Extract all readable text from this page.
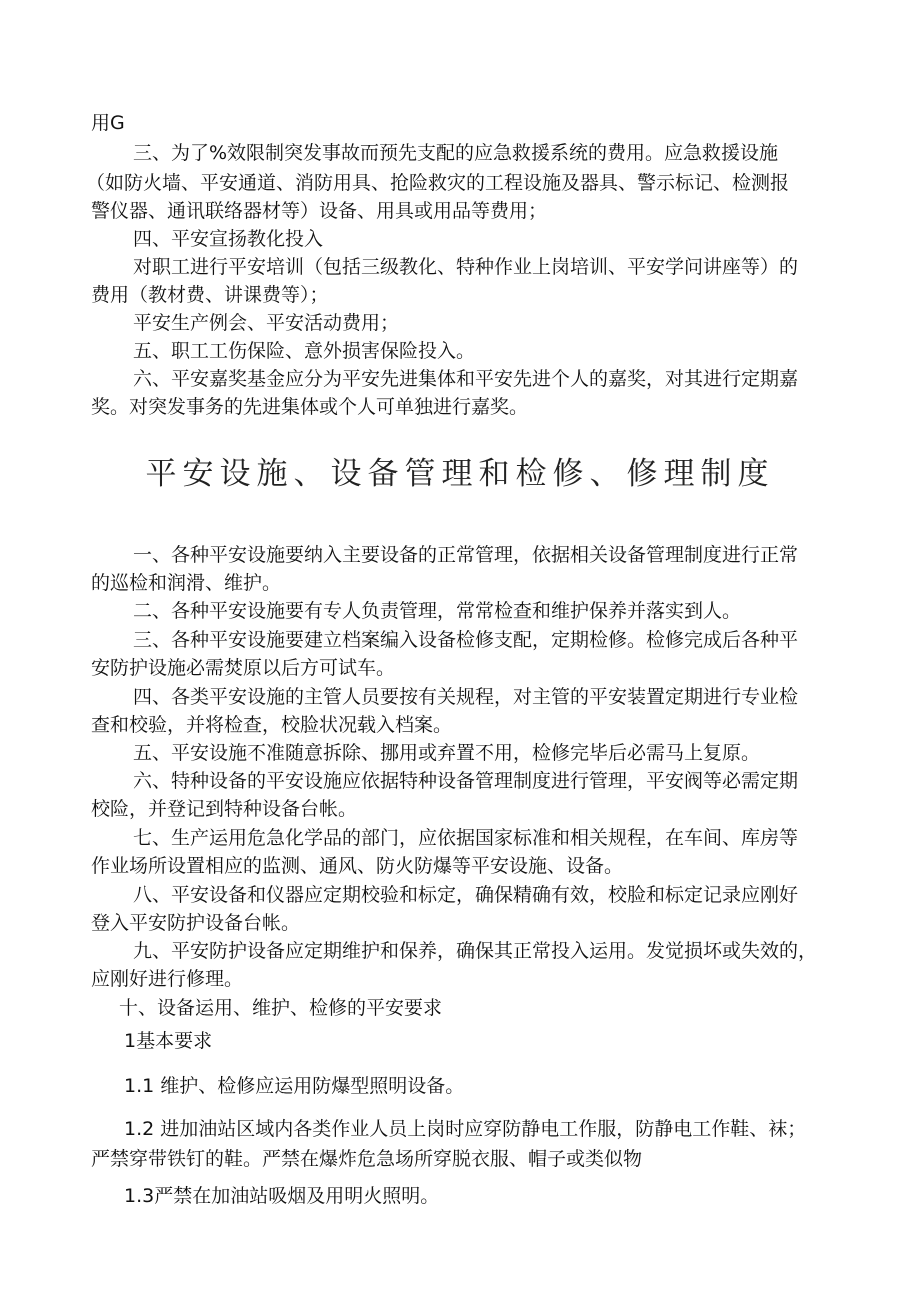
用G

三、为了%效限制突发事故而预先支配的应急救援系统的费用。应急救援设施

（如防火墙、平安通道、消防用具、抢险救灾的工程设施及器具、警示标记、检测报

警仪器、通讯联络器材等）设备、用具或用品等费用；

四、平安宣扬教化投入

对职工进行平安培训（包括三级教化、特种作业上岗培训、平安学问讲座等）的

费用（教材费、讲课费等）；

平安生产例会、平安活动费用；

五、职工工伤保险、意外损害保险投入。

六、平安嘉奖基金应分为平安先进集体和平安先进个人的嘉奖，对其进行定期嘉

奖。对突发事务的先进集体或个人可单独进行嘉奖。

平安设施、设备管理和检修、修理制度

一、各种平安设施要纳入主要设备的正常管理，依据相关设备管理制度进行正常

的巡检和润滑、维护。

二、各种平安设施要有专人负责管理，常常检查和维护保养并落实到人。

三、各种平安设施要建立档案编入设备检修支配，定期检修。检修完成后各种平

安防护设施必需焚原以后方可试车。

四、各类平安设施的主管人员要按有关规程，对主管的平安装置定期进行专业检

查和校验，并将检查，校脸状况载入档案。

五、平安设施不准随意拆除、挪用或弃置不用，检修完毕后必需马上复原。

六、特种设备的平安设施应依据特种设备管理制度进行管理，平安阀等必需定期

校险，并登记到特种设备台帐。

七、生产运用危急化学品的部门，应依据国家标准和相关规程，在车间、库房等

作业场所设置相应的监测、通风、防火防爆等平安设施、设备。

八、平安设备和仪器应定期校验和标定，确保精确有效，校脸和标定记录应刚好

登入平安防护设备台帐。

九、平安防护设备应定期维护和保养，确保其正常投入运用。发觉损坏或失效的，

应刚好进行修理。

十、设备运用、维护、检修的平安要求

1基本要求

1.1 维护、检修应运用防爆型照明设备。

1.2 进加油站区域内各类作业人员上岗时应穿防静电工作服，防静电工作鞋、袜；

严禁穿带铁钉的鞋。严禁在爆炸危急场所穿脱衣服、帽子或类似物

1.3严禁在加油站吸烟及用明火照明。
